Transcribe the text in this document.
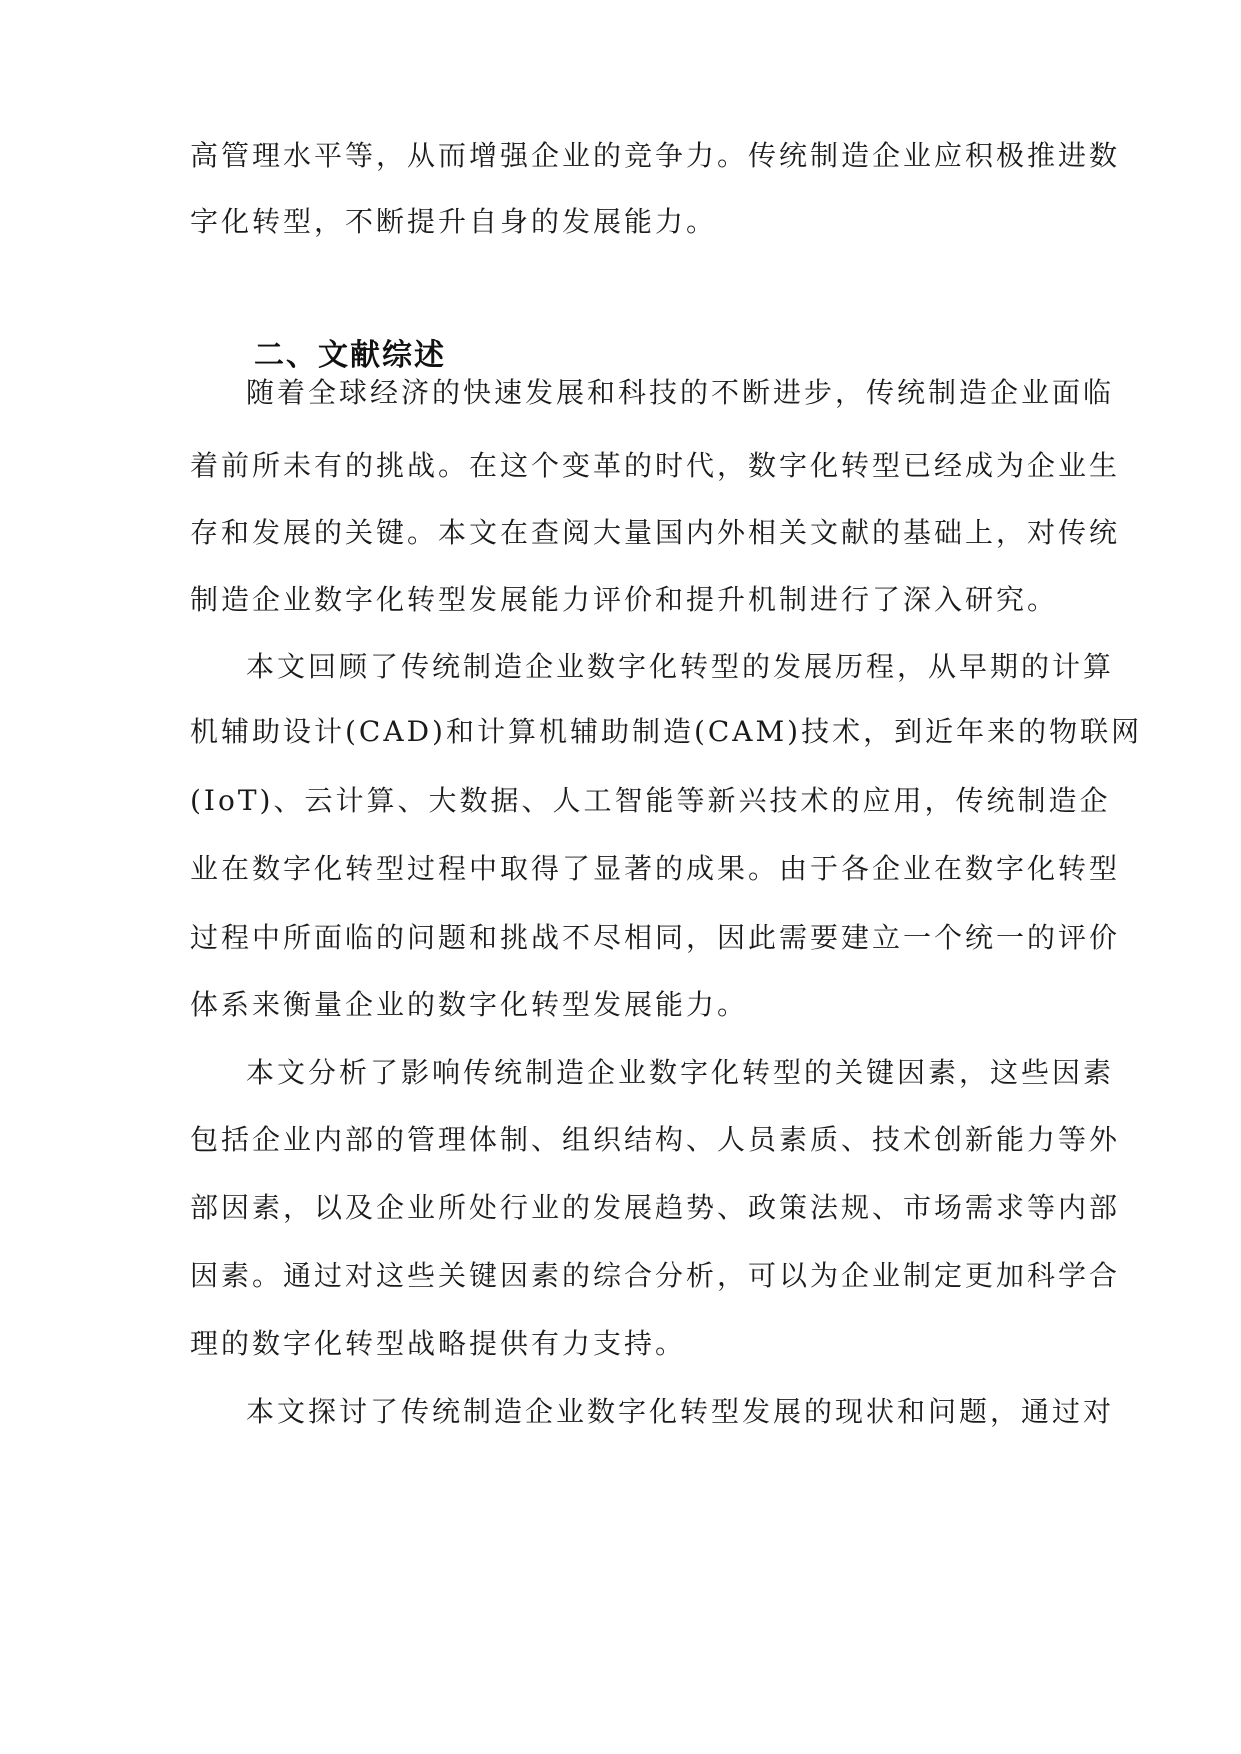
高管理水平等，从而增强企业的竞争力。传统制造企业应积极推进数

字化转型，不断提升自身的发展能力。

二、文献综述

随着全球经济的快速发展和科技的不断进步，传统制造企业面临

着前所未有的挑战。在这个变革的时代，数字化转型已经成为企业生

存和发展的关键。本文在查阅大量国内外相关文献的基础上，对传统

制造企业数字化转型发展能力评价和提升机制进行了深入研究。

本文回顾了传统制造企业数字化转型的发展历程，从早期的计算

机辅助设计(CAD)和计算机辅助制造(CAM)技术，到近年来的物联网

(IoT)、云计算、大数据、人工智能等新兴技术的应用，传统制造企

业在数字化转型过程中取得了显著的成果。由于各企业在数字化转型

过程中所面临的问题和挑战不尽相同，因此需要建立一个统一的评价

体系来衡量企业的数字化转型发展能力。

本文分析了影响传统制造企业数字化转型的关键因素，这些因素

包括企业内部的管理体制、组织结构、人员素质、技术创新能力等外

部因素，以及企业所处行业的发展趋势、政策法规、市场需求等内部

因素。通过对这些关键因素的综合分析，可以为企业制定更加科学合

理的数字化转型战略提供有力支持。

本文探讨了传统制造企业数字化转型发展的现状和问题，通过对
